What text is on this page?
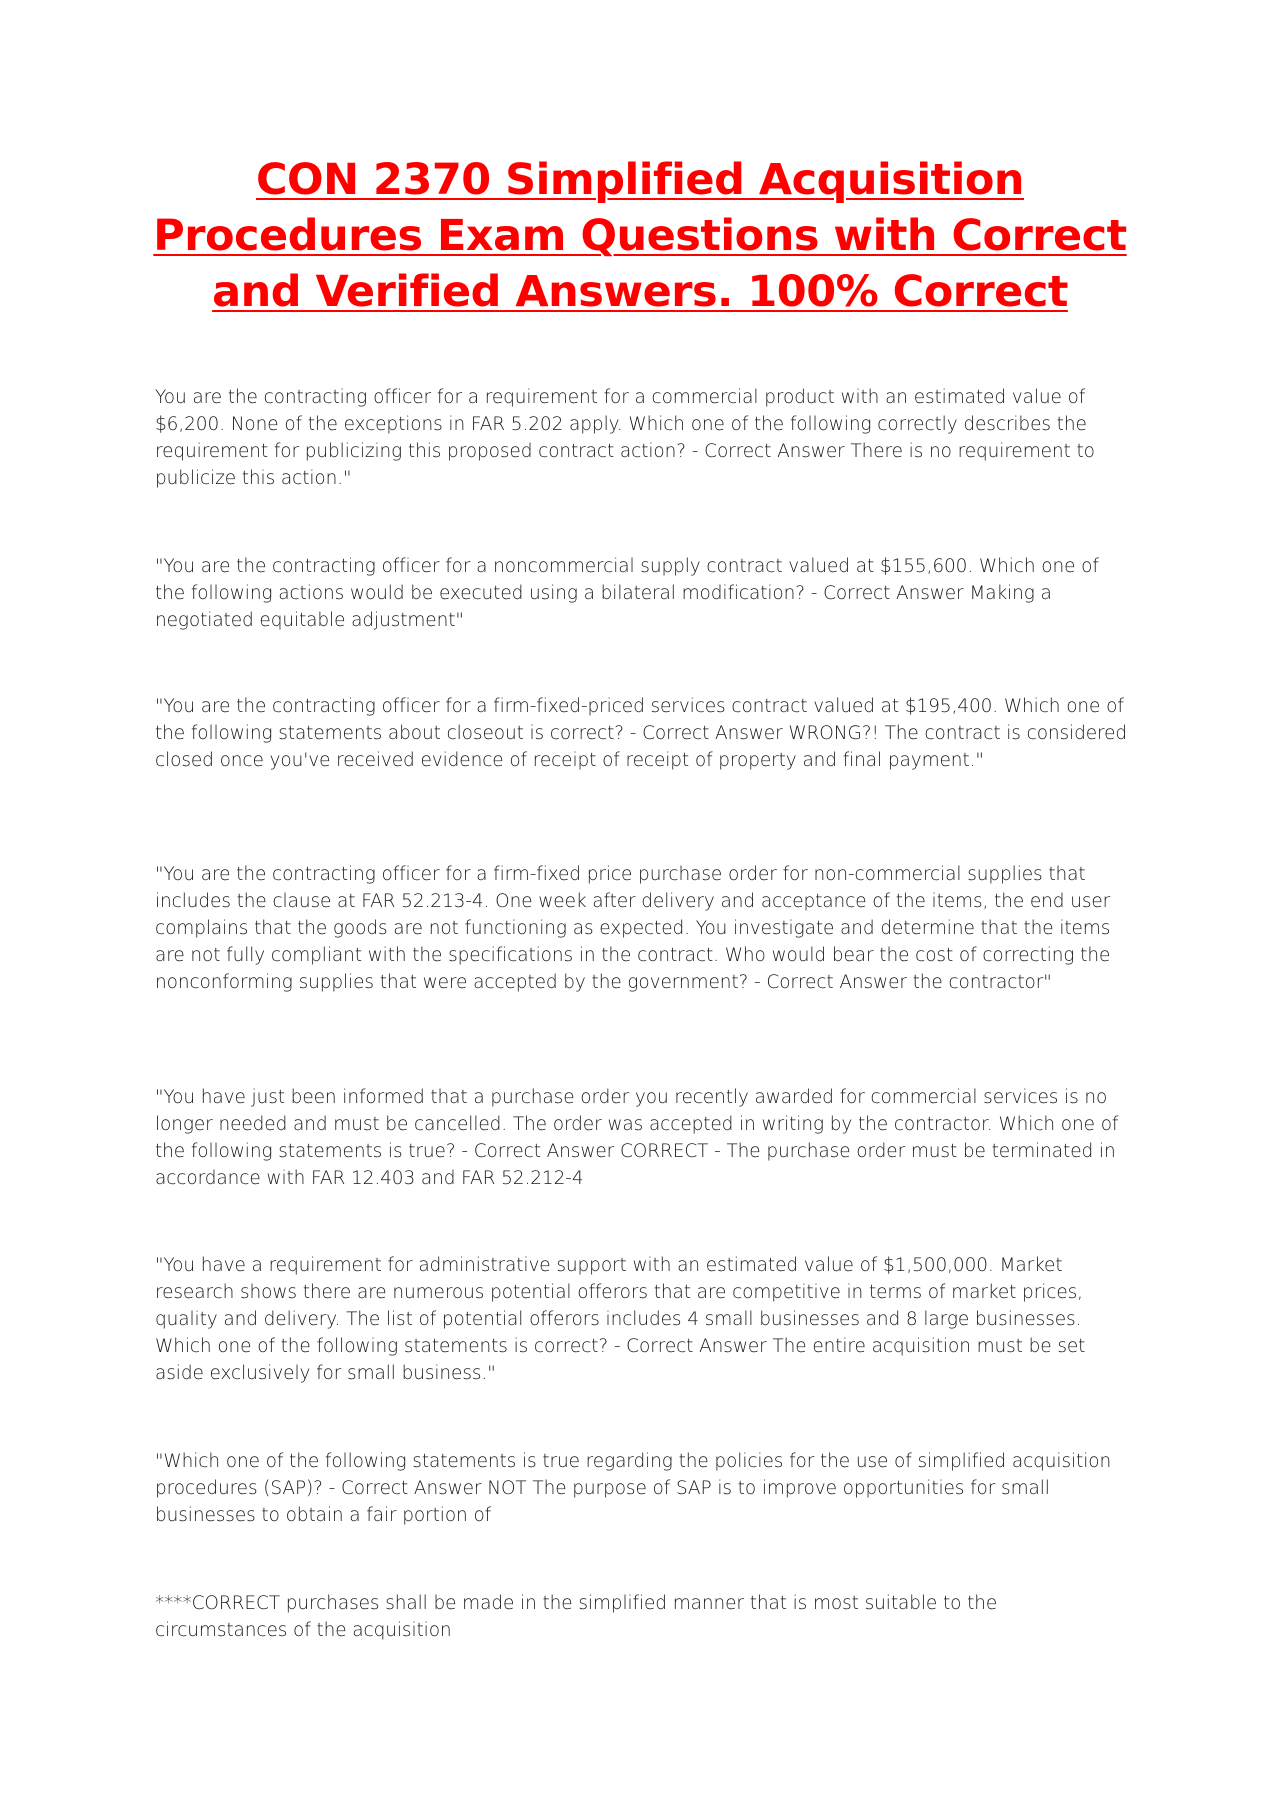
CON 2370 Simplified Acquisition Procedures Exam Questions with Correct and Verified Answers. 100% Correct

You are the contracting officer for a requirement for a commercial product with an estimated value of $6,200. None of the exceptions in FAR 5.202 apply. Which one of the following correctly describes the requirement for publicizing this proposed contract action? - Correct Answer There is no requirement to publicize this action."

"You are the contracting officer for a noncommercial supply contract valued at $155,600. Which one of the following actions would be executed using a bilateral modification? - Correct Answer Making a negotiated equitable adjustment"

"You are the contracting officer for a firm-fixed-priced services contract valued at $195,400. Which one of the following statements about closeout is correct? - Correct Answer WRONG?! The contract is considered closed once you've received evidence of receipt of receipt of property and final payment."

"You are the contracting officer for a firm-fixed price purchase order for non-commercial supplies that includes the clause at FAR 52.213-4. One week after delivery and acceptance of the items, the end user complains that the goods are not functioning as expected. You investigate and determine that the items are not fully compliant with the specifications in the contract. Who would bear the cost of correcting the nonconforming supplies that were accepted by the government? - Correct Answer the contractor"

"You have just been informed that a purchase order you recently awarded for commercial services is no longer needed and must be cancelled. The order was accepted in writing by the contractor. Which one of the following statements is true? - Correct Answer CORRECT - The purchase order must be terminated in accordance with FAR 12.403 and FAR 52.212-4

"You have a requirement for administrative support with an estimated value of $1,500,000. Market research shows there are numerous potential offerors that are competitive in terms of market prices, quality and delivery. The list of potential offerors includes 4 small businesses and 8 large businesses. Which one of the following statements is correct? - Correct Answer The entire acquisition must be set aside exclusively for small business."

"Which one of the following statements is true regarding the policies for the use of simplified acquisition procedures (SAP)? - Correct Answer NOT The purpose of SAP is to improve opportunities for small businesses to obtain a fair portion of

****CORRECT purchases shall be made in the simplified manner that is most suitable to the circumstances of the acquisition
